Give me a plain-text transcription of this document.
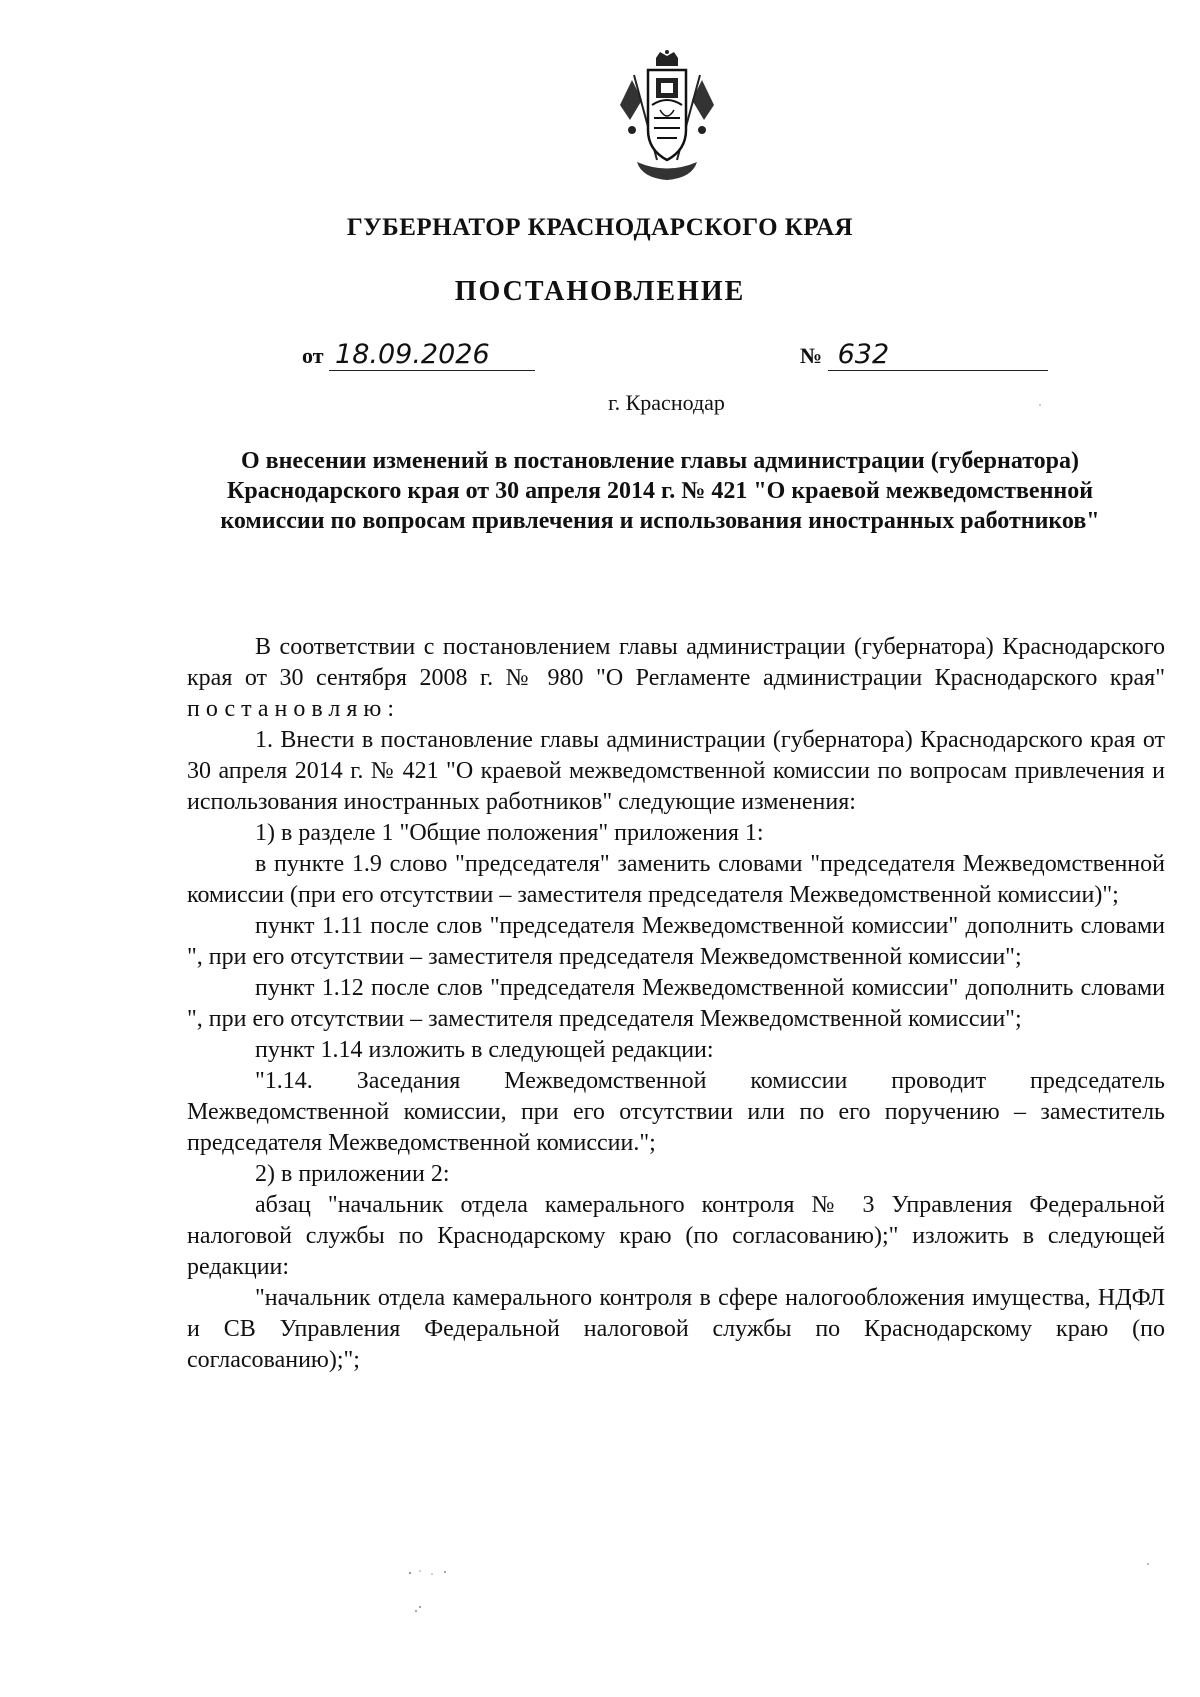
ГУБЕРНАТОР КРАСНОДАРСКОГО КРАЯ
ПОСТАНОВЛЕНИЕ
от 18.09.2026	№ 632
г. Краснодар
О внесении изменений в постановление главы администрации (губернатора) Краснодарского края от 30 апреля 2014 г. № 421 "О краевой межведомственной комиссии по вопросам привлечения и использования иностранных работников"

В соответствии с постановлением главы администрации (губернатора) Краснодарского края от 30 сентября 2008 г. № 980 "О Регламенте администрации Краснодарского края" постановляю:

1. Внести в постановление главы администрации (губернатора) Краснодарского края от 30 апреля 2014 г. № 421 "О краевой межведомственной комиссии по вопросам привлечения и использования иностранных работников" следующие изменения:

1) в разделе 1 "Общие положения" приложения 1:

в пункте 1.9 слово "председателя" заменить словами "председателя Межведомственной комиссии (при его отсутствии – заместителя председателя Межведомственной комиссии)";

пункт 1.11 после слов "председателя Межведомственной комиссии" дополнить словами ", при его отсутствии – заместителя председателя Межведомственной комиссии";

пункт 1.12 после слов "председателя Межведомственной комиссии" дополнить словами ", при его отсутствии – заместителя председателя Межведомственной комиссии";

пункт 1.14 изложить в следующей редакции:

"1.14. Заседания Межведомственной комиссии проводит председатель Межведомственной комиссии, при его отсутствии или по его поручению – заместитель председателя Межведомственной комиссии.";

2) в приложении 2:

абзац "начальник отдела камерального контроля № 3 Управления Федеральной налоговой службы по Краснодарскому краю (по согласованию);" изложить в следующей редакции:

"начальник отдела камерального контроля в сфере налогообложения имущества, НДФЛ и СВ Управления Федеральной налоговой службы по Краснодарскому краю (по согласованию);";
